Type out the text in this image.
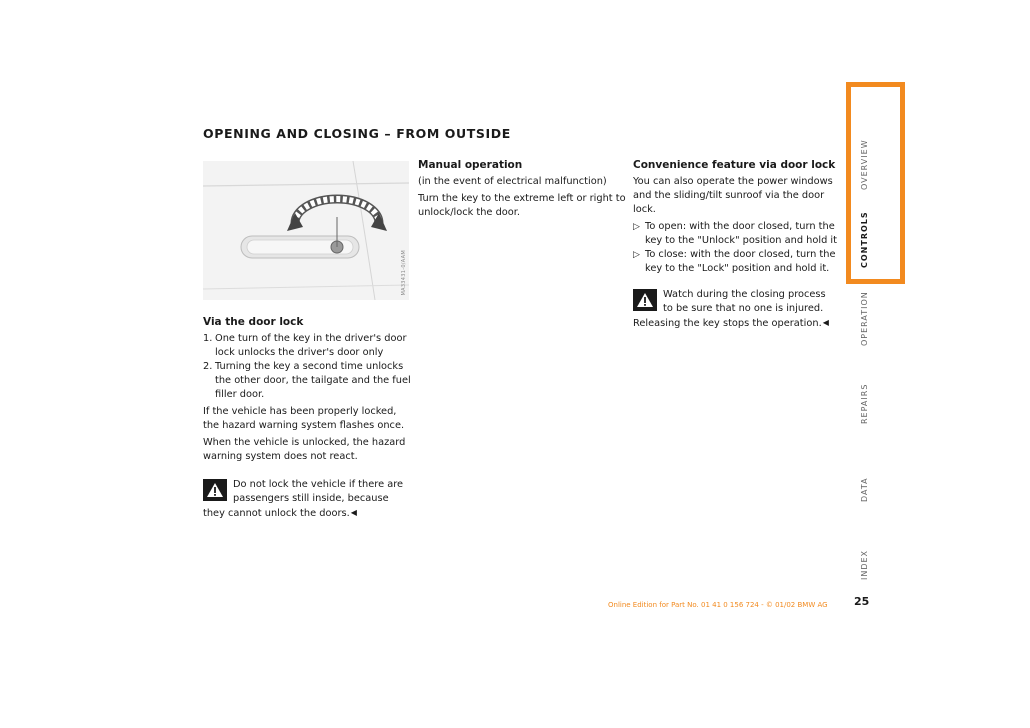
OPENING AND CLOSING – FROM OUTSIDE
MA33431-0/AAM
Via the door lock
1. One turn of the key in the driver's door lock unlocks the driver's door only
2. Turning the key a second time unlocks the other door, the tailgate and the fuel filler door.

If the vehicle has been properly locked, the hazard warning system flashes once.

When the vehicle is unlocked, the hazard warning system does not react.

Do not lock the vehicle if there are passengers still inside, because they cannot unlock the doors.◀
Manual operation

(in the event of electrical malfunction)

Turn the key to the extreme left or right to unlock/lock the door.

Convenience feature via door lock

You can also operate the power windows and the sliding/tilt sunroof via the door lock.

▷ To open: with the door closed, turn the key to the "Unlock" position and hold it
▷ To close: with the door closed, turn the key to the "Lock" position and hold it.
Watch during the closing process to be sure that no one is injured.

Releasing the key stops the operation.◀

OVERVIEW
CONTROLS
OPERATION
REPAIRS
DATA
INDEX
Online Edition for Part No. 01 41 0 156 724 - © 01/02 BMW AG 25
